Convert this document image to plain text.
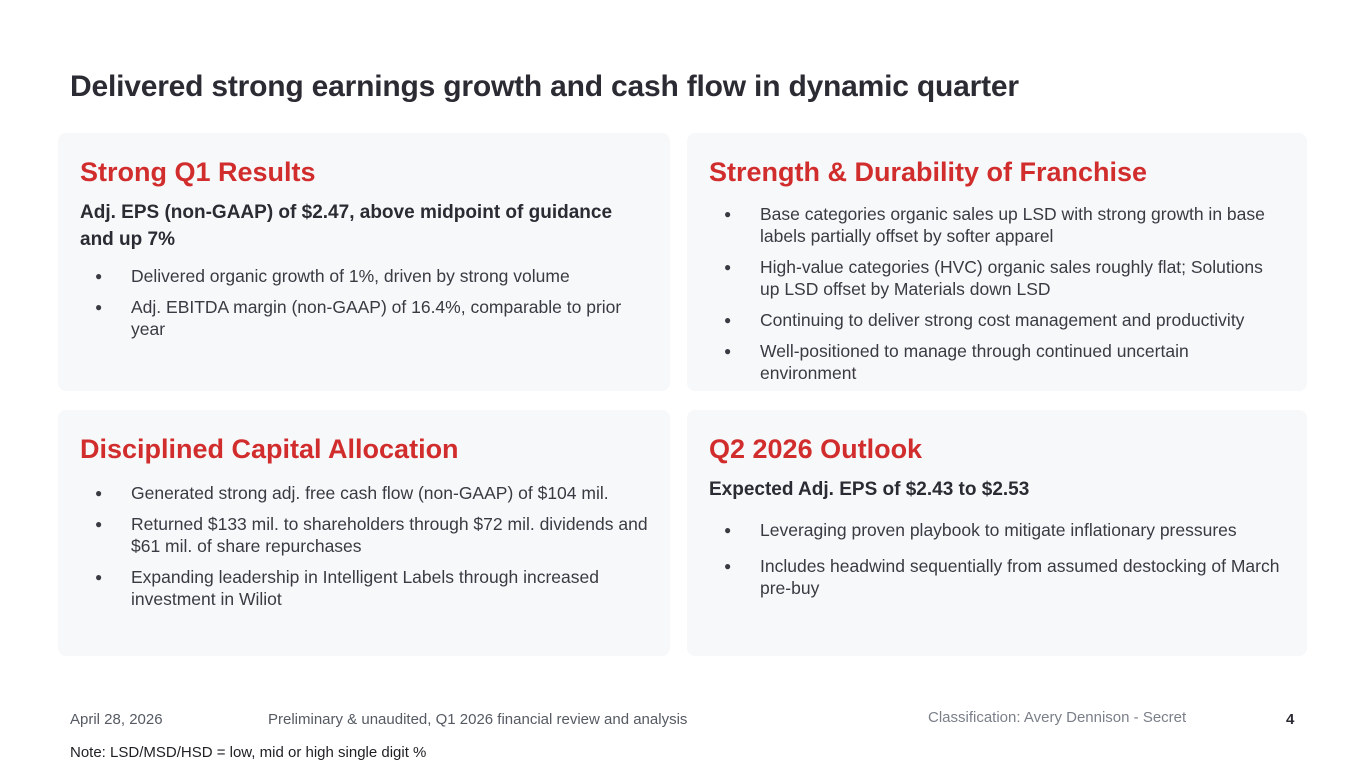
Delivered strong earnings growth and cash flow in dynamic quarter
Strong Q1 Results

Adj. EPS (non-GAAP) of $2.47, above midpoint of guidance and up 7%

● Delivered organic growth of 1%, driven by strong volume
● Adj. EBITDA margin (non-GAAP) of 16.4%, comparable to prior year
Strength & Durability of Franchise
● Base categories organic sales up LSD with strong growth in base labels partially offset by softer apparel
● High-value categories (HVC) organic sales roughly flat; Solutions up LSD offset by Materials down LSD
● Continuing to deliver strong cost management and productivity
● Well-positioned to manage through continued uncertain environment
Disciplined Capital Allocation
● Generated strong adj. free cash flow (non-GAAP) of $104 mil.
● Returned $133 mil. to shareholders through $72 mil. dividends and $61 mil. of share repurchases
● Expanding leadership in Intelligent Labels through increased investment in Wiliot
Q2 2026 Outlook

Expected Adj. EPS of $2.43 to $2.53

● Leveraging proven playbook to mitigate inflationary pressures
● Includes headwind sequentially from assumed destocking of March pre-buy
April 28, 2026	Preliminary & unaudited, Q1 2026 financial review and analysis	Classification: Avery Dennison - Secret	4
Note: LSD/MSD/HSD = low, mid or high single digit %
